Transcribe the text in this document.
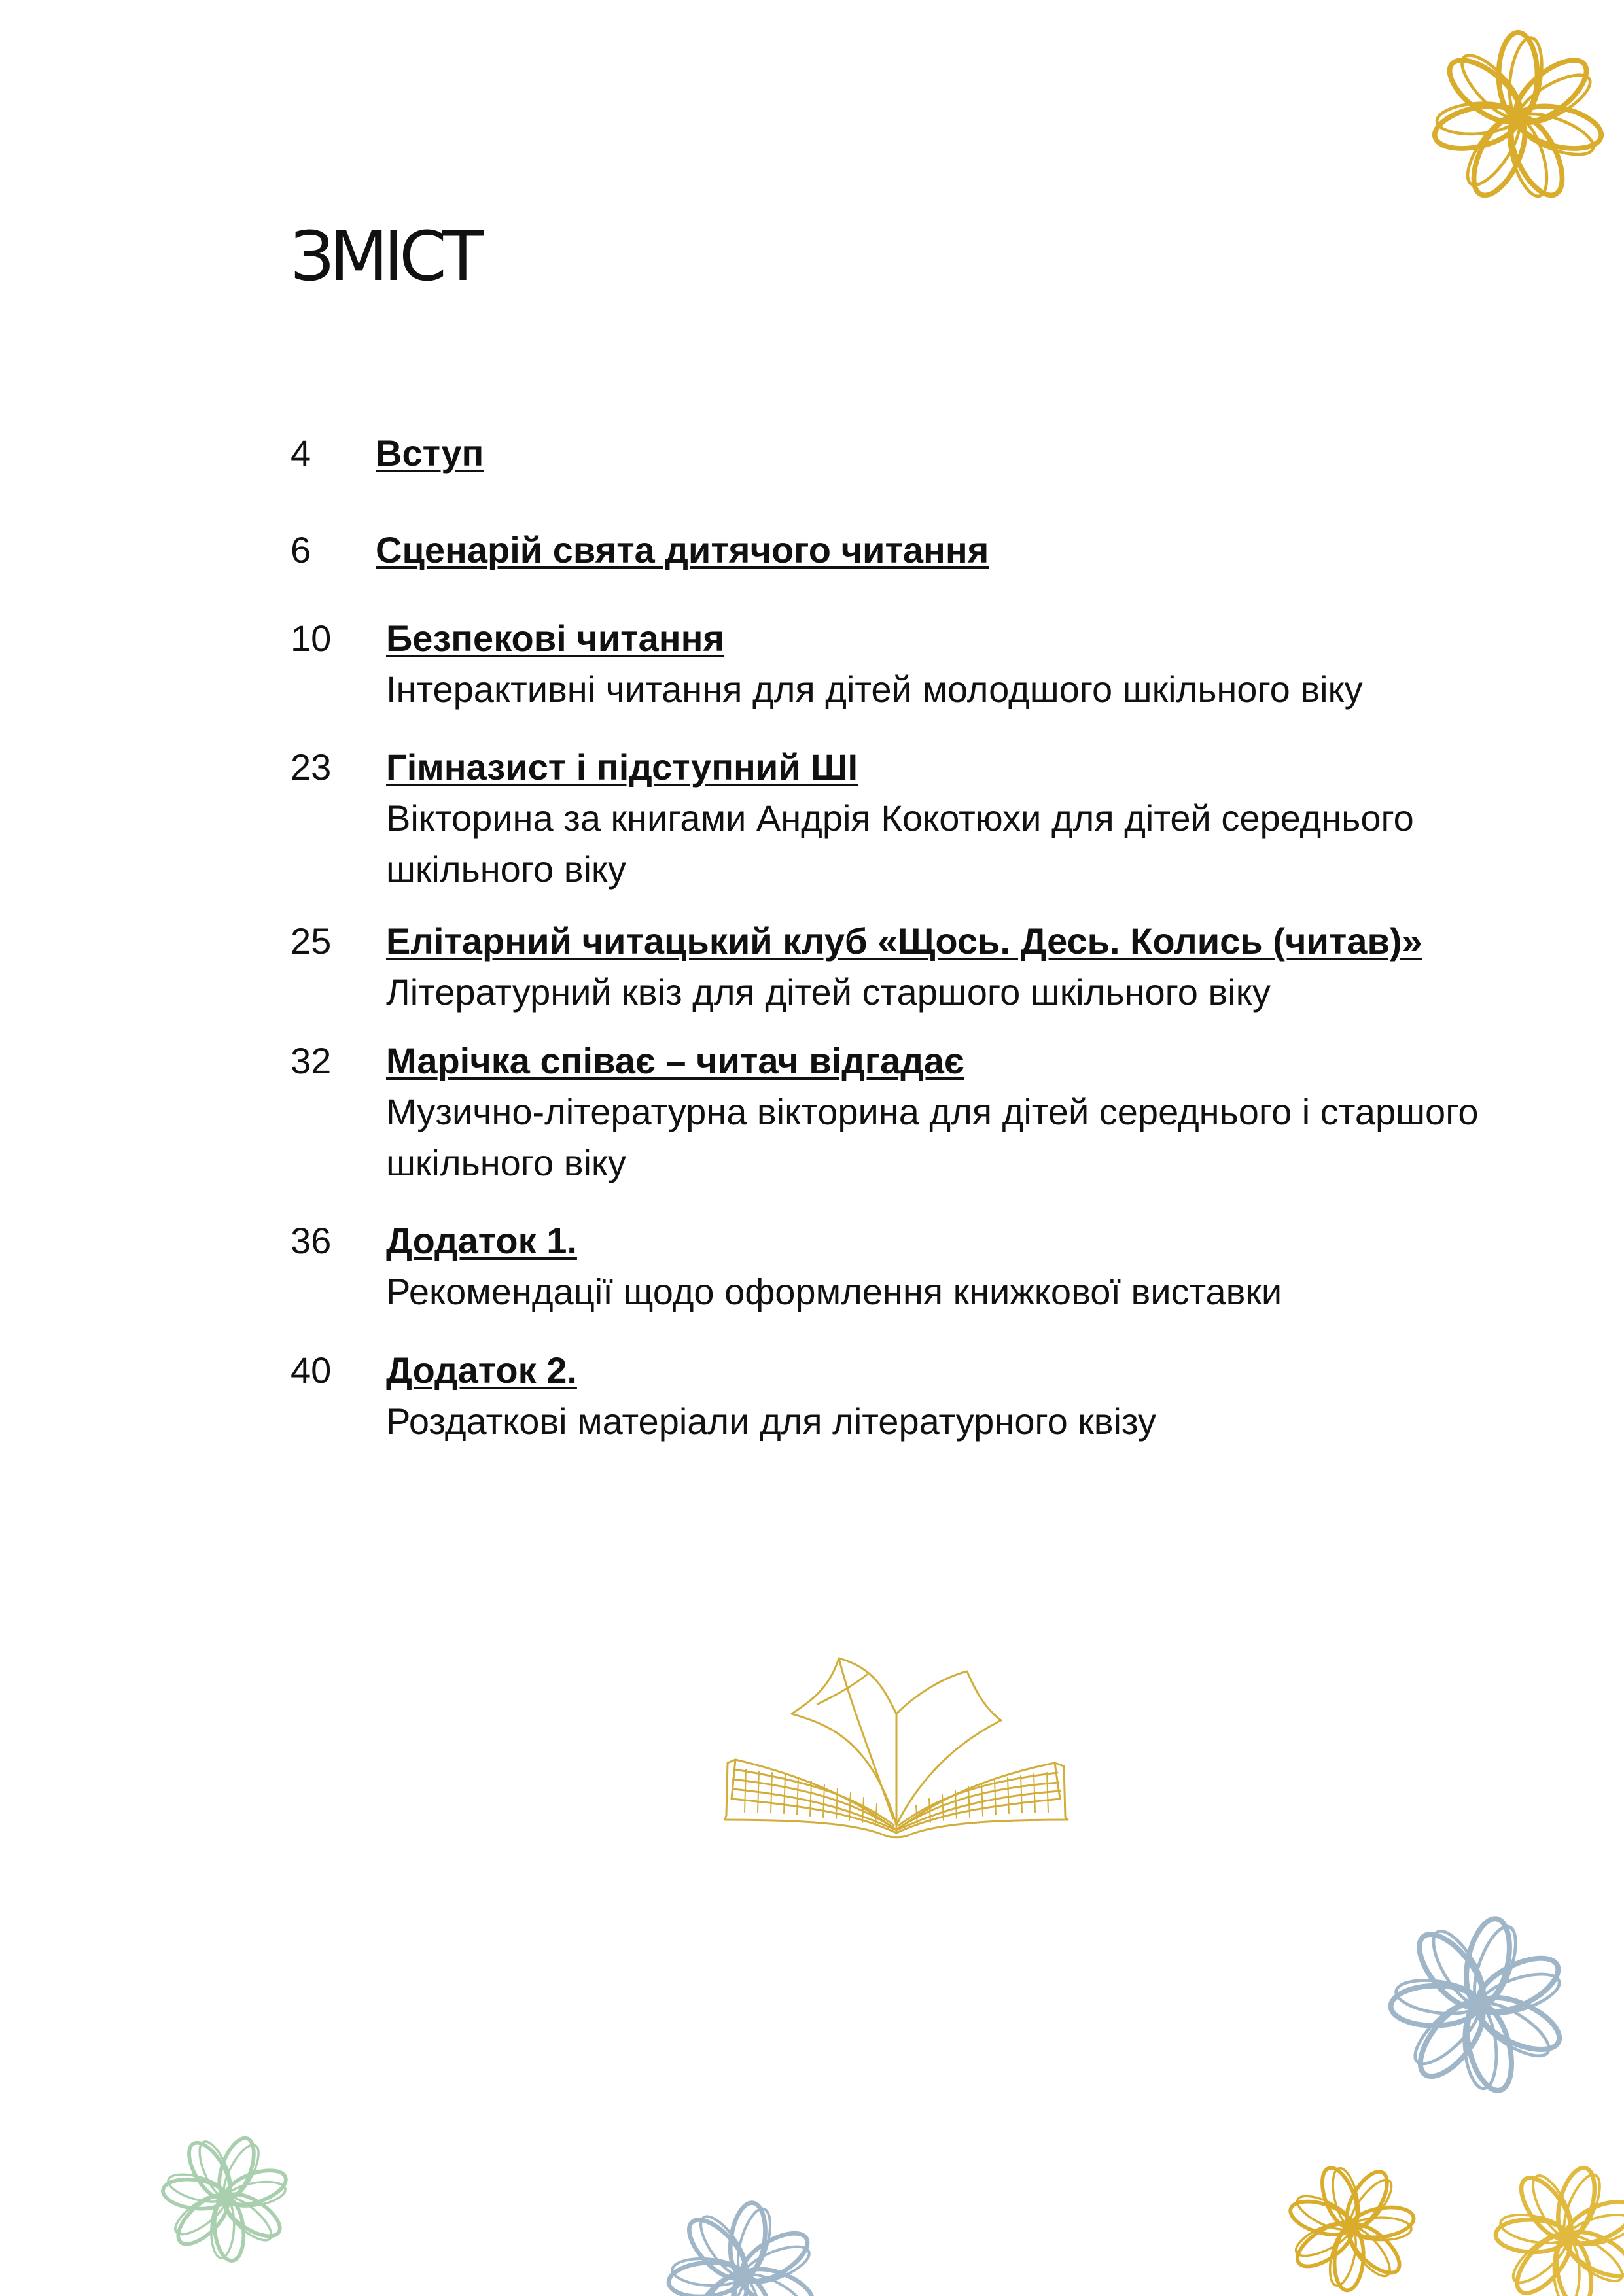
ЗМІСТ
4 Вступ
6 Сценарій свята дитячого читання
10 Безпекові читання
Інтерактивні читання для дітей молодшого шкільного віку
23 Гімназист і підступний ШІ
Вікторина за книгами Андрія Кокотюхи для дітей середнього шкільного віку
25 Елітарний читацький клуб «Щось. Десь. Колись (читав)»
Літературний квіз для дітей старшого шкільного віку
32 Марічка співає – читач відгадає
Музично-літературна вікторина для дітей середнього і старшого шкільного віку
36 Додаток 1.
Рекомендації щодо оформлення книжкової виставки
40 Додаток 2.
Роздаткові матеріали для літературного квізу
